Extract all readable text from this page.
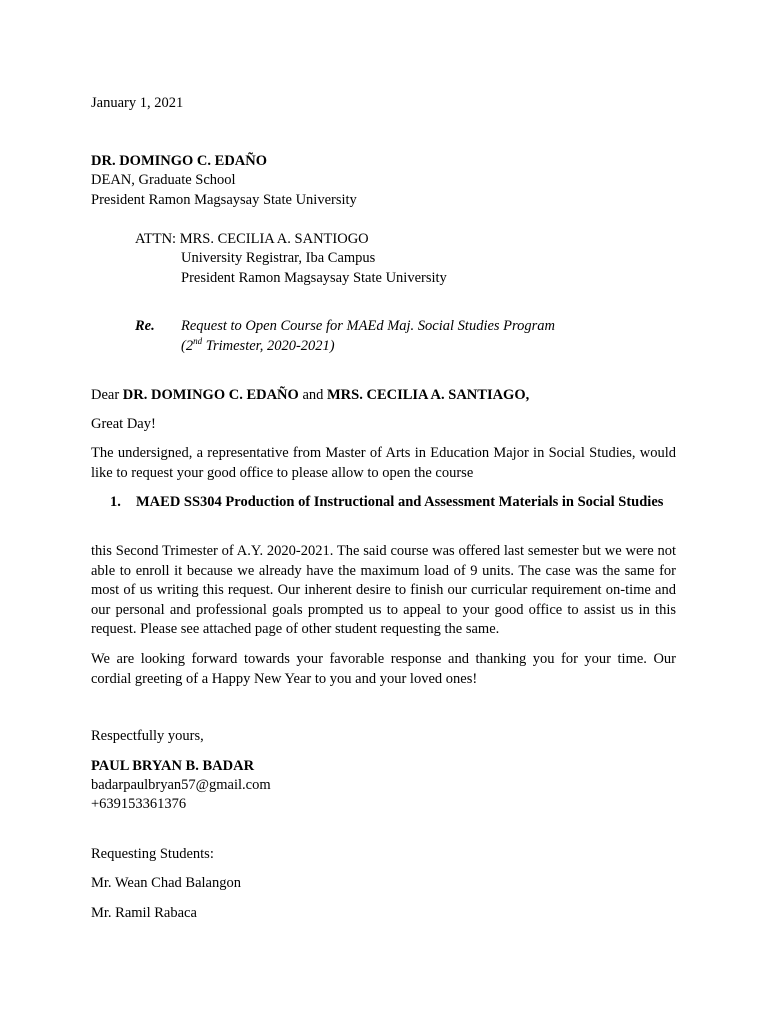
January 1, 2021
DR. DOMINGO C. EDAÑO
DEAN, Graduate School
President Ramon Magsaysay State University
ATTN: MRS. CECILIA A. SANTIOGO
University Registrar, Iba Campus
President Ramon Magsaysay State University
Re. Request to Open Course for MAEd Maj. Social Studies Program
(2nd Trimester, 2020-2021)
Dear DR. DOMINGO C. EDAÑO and MRS. CECILIA A. SANTIAGO,
Great Day!
The undersigned, a representative from Master of Arts in Education Major in Social Studies, would like to request your good office to please allow to open the course
1. MAED SS304 Production of Instructional and Assessment Materials in Social Studies
this Second Trimester of A.Y. 2020-2021. The said course was offered last semester but we were not able to enroll it because we already have the maximum load of 9 units. The case was the same for most of us writing this request. Our inherent desire to finish our curricular requirement on-time and our personal and professional goals prompted us to appeal to your good office to assist us in this request. Please see attached page of other student requesting the same.
We are looking forward towards your favorable response and thanking you for your time. Our cordial greeting of a Happy New Year to you and your loved ones!
Respectfully yours,
PAUL BRYAN B. BADAR
badarpaulbryan57@gmail.com
+639153361376
Requesting Students:
Mr. Wean Chad Balangon
Mr. Ramil Rabaca
